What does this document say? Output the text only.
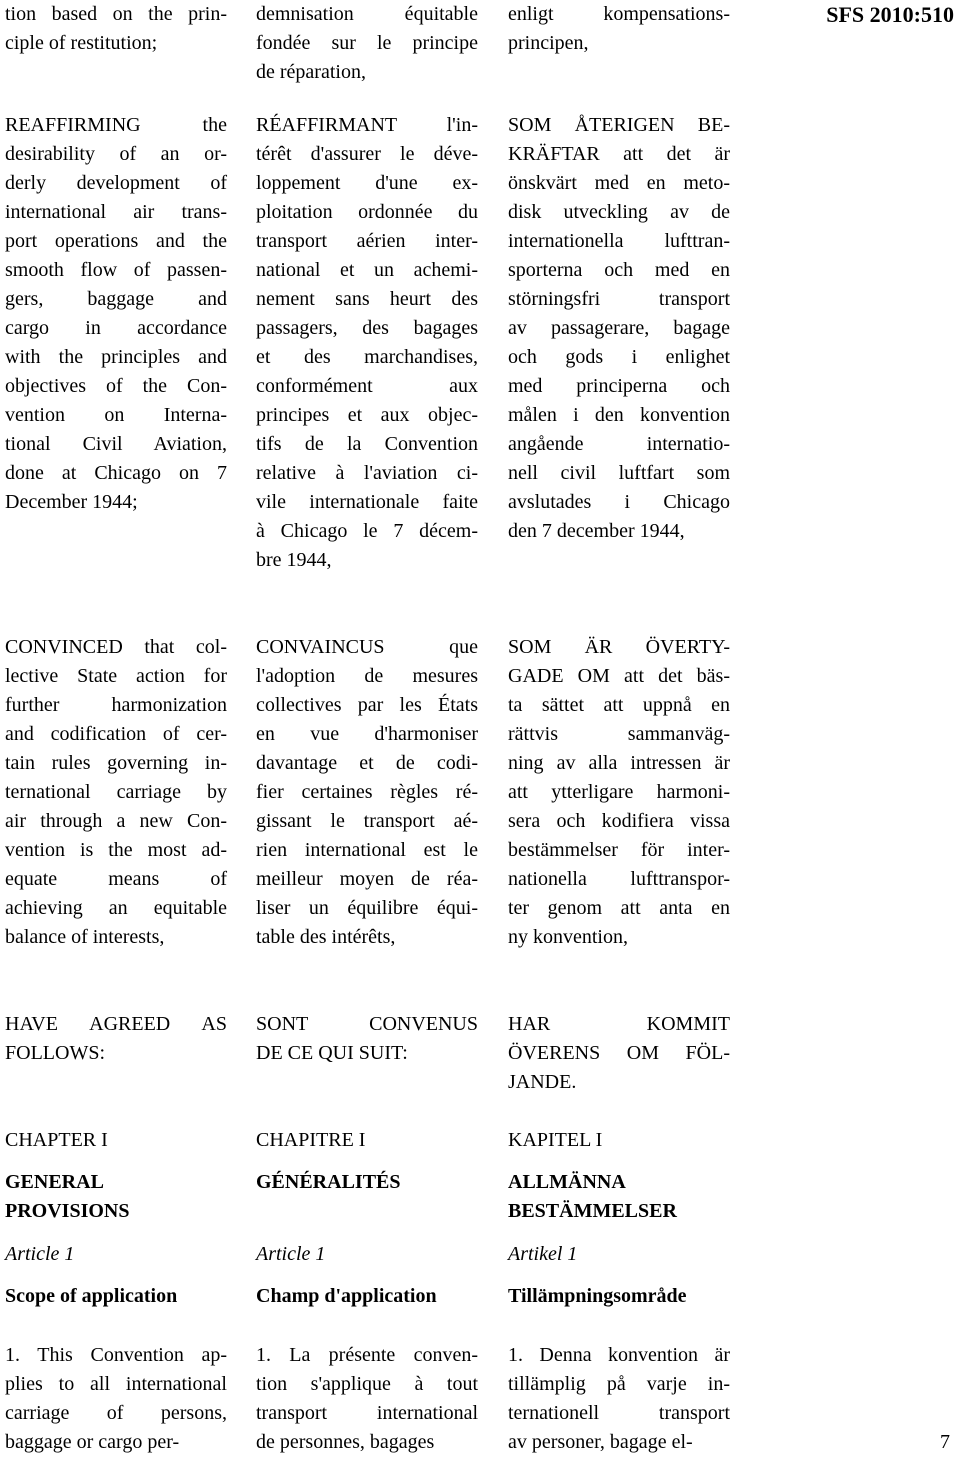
SFS 2010:510
tion based on the prin-
ciple of restitution;
REAFFIRMING the
desirability of an or-
derly development of
international air trans-
port operations and the
smooth flow of passen-
gers, baggage and
cargo in accordance
with the principles and
objectives of the Con-
vention on Interna-
tional Civil Aviation,
done at Chicago on 7
December 1944;
CONVINCED that col-
lective State action for
further harmonization
and codification of cer-
tain rules governing in-
ternational carriage by
air through a new Con-
vention is the most ad-
equate means of
achieving an equitable
balance of interests,
HAVE AGREED AS
FOLLOWS:
CHAPTER I
GENERAL
PROVISIONS
Article 1
Scope of application
1. This Convention ap-
plies to all international
carriage of persons,
baggage or cargo per-
demnisation équitable
fondée sur le principe
de réparation,
RÉAFFIRMANT l'in-
térêt d'assurer le déve-
loppement d'une ex-
ploitation ordonnée du
transport aérien inter-
national et un achemi-
nement sans heurt des
passagers, des bagages
et des marchandises,
conformément aux
principes et aux objec-
tifs de la Convention
relative à l'aviation ci-
vile internationale faite
à Chicago le 7 décem-
bre 1944,
CONVAINCUS que
l'adoption de mesures
collectives par les États
en vue d'harmoniser
davantage et de codi-
fier certaines règles ré-
gissant le transport aé-
rien international est le
meilleur moyen de réa-
liser un équilibre équi-
table des intérêts,
SONT CONVENUS
DE CE QUI SUIT:
CHAPITRE I
GÉNÉRALITÉS
Article 1
Champ d'application
1. La présente conven-
tion s'applique à tout
transport international
de personnes, bagages
enligt kompensations-
principen,
SOM ÅTERIGEN BE-
KRÄFTAR att det är
önskvärt med en meto-
disk utveckling av de
internationella lufttran-
sporterna och med en
störningsfri transport
av passagerare, bagage
och gods i enlighet
med principerna och
målen i den konvention
angående internatio-
nell civil luftfart som
avslutades i Chicago
den 7 december 1944,
SOM ÄR ÖVERTY-
GADE OM att det bäs-
ta sättet att uppnå en
rättvis sammanväg-
ning av alla intressen är
att ytterligare harmoni-
sera och kodifiera vissa
bestämmelser för inter-
nationella lufttranspor-
ter genom att anta en
ny konvention,
HAR KOMMIT
ÖVERENS OM FÖL-
JANDE.
KAPITEL I
ALLMÄNNA
BESTÄMMELSER
Artikel 1
Tillämpningsområde
1. Denna konvention är
tillämplig på varje in-
ternationell transport
av personer, bagage el-	7
